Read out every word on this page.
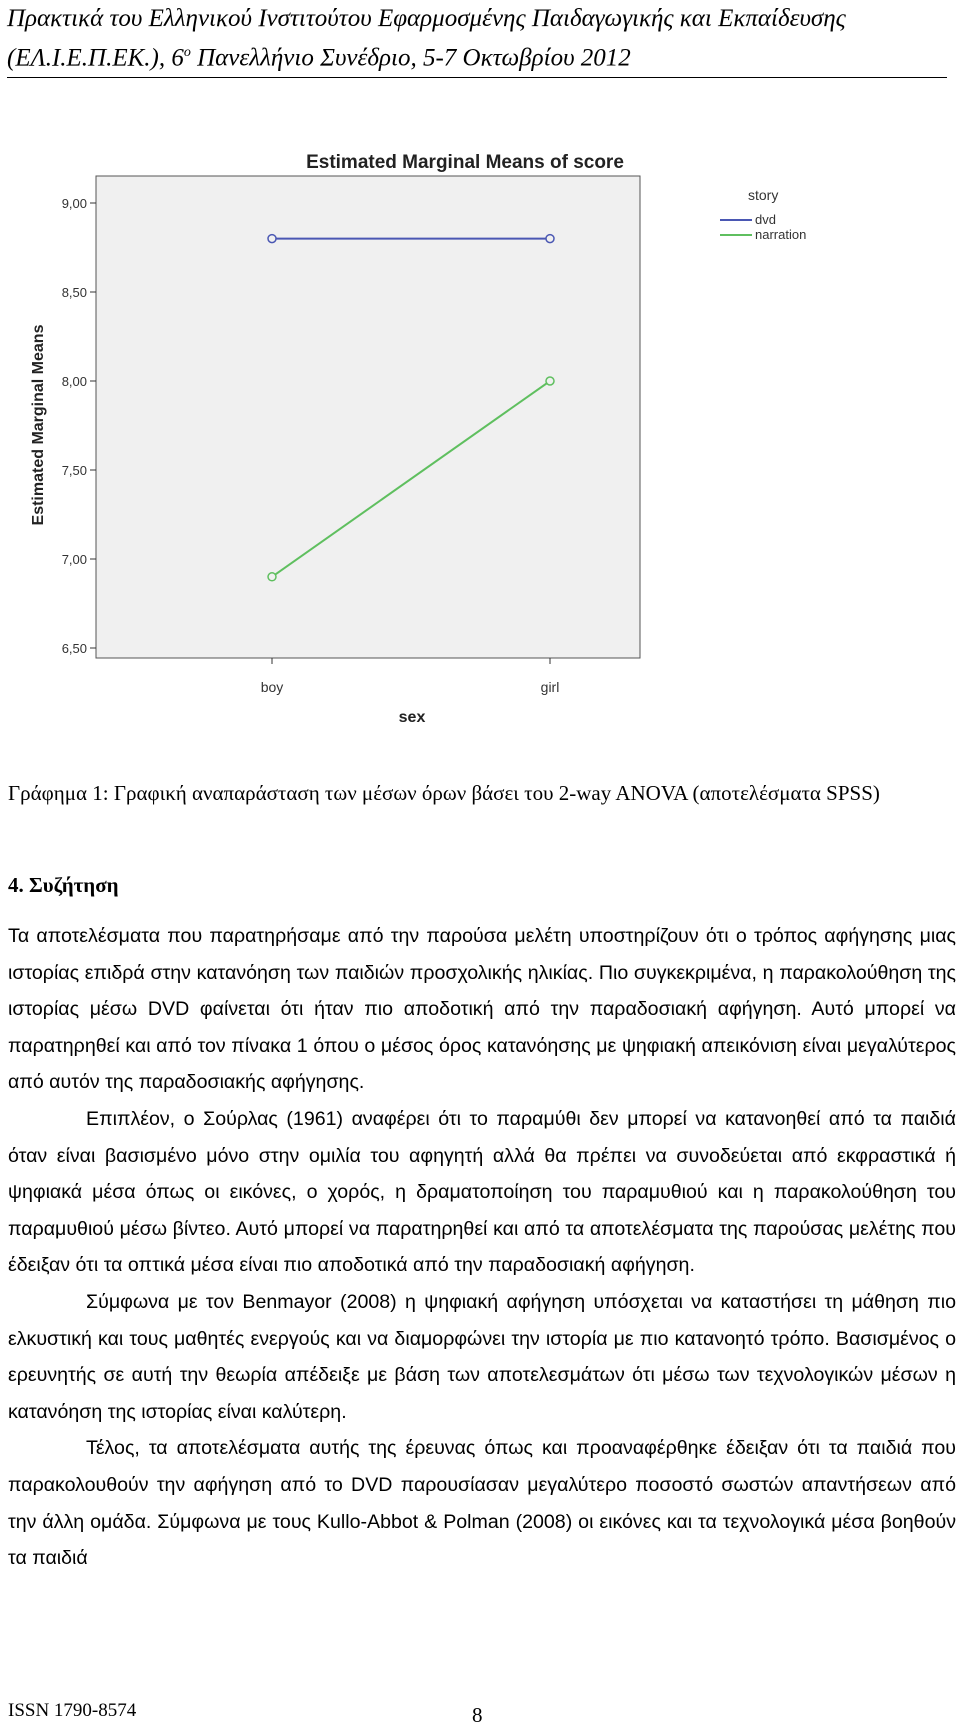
Πρακτικά του Ελληνικού Ινστιτούτου Εφαρμοσμένης Παιδαγωγικής και Εκπαίδευσης
(ΕΛ.Ι.Ε.Π.ΕΚ.), $6^o$ Πανελλήνιο Συνέδριο, 5-7 Οκτωβρίου 2012
Estimated Marginal Means of score
6,50
7,00
7,50
8,00
8,50
9,00
boy	girl
sex
Estimated Marginal Means
story
dvd
narration
Γράφημα 1: Γραφική αναπαράσταση των μέσων όρων βάσει του 2-way ANOVA (αποτελέσματα SPSS)
4. Συζήτηση

Τα αποτελέσματα που παρατηρήσαμε από την παρούσα μελέτη υποστηρίζουν ότι ο τρόπος αφήγησης μιας ιστορίας επιδρά στην κατανόηση των παιδιών προσχολικής ηλικίας. Πιο συγκεκριμένα, η παρακολούθηση της ιστορίας μέσω DVD φαίνεται ότι ήταν πιο αποδοτική από την παραδοσιακή αφήγηση. Αυτό μπορεί να παρατηρηθεί και από τον πίνακα 1 όπου ο μέσος όρος κατανόησης με ψηφιακή απεικόνιση είναι μεγαλύτερος από αυτόν της παραδοσιακής αφήγησης.

Επιπλέον, ο Σούρλας (1961) αναφέρει ότι το παραμύθι δεν μπορεί να κατανοηθεί από τα παιδιά όταν είναι βασισμένο μόνο στην ομιλία του αφηγητή αλλά θα πρέπει να συνοδεύεται από εκφραστικά ή ψηφιακά μέσα όπως οι εικόνες, ο χορός, η δραματοποίηση του παραμυθιού και η παρακολούθηση του παραμυθιού μέσω βίντεο. Αυτό μπορεί να παρατηρηθεί και από τα αποτελέσματα της παρούσας μελέτης που έδειξαν ότι τα οπτικά μέσα είναι πιο αποδοτικά από την παραδοσιακή αφήγηση.

Σύμφωνα με τον Benmayor (2008) η ψηφιακή αφήγηση υπόσχεται να καταστήσει τη μάθηση πιο ελκυστική και τους μαθητές ενεργούς και να διαμορφώνει την ιστορία με πιο κατανοητό τρόπο. Βασισμένος ο ερευνητής σε αυτή την θεωρία απέδειξε με βάση των αποτελεσμάτων ότι μέσω των τεχνολογικών μέσων η κατανόηση της ιστορίας είναι καλύτερη.

Τέλος, τα αποτελέσματα αυτής της έρευνας όπως και προαναφέρθηκε έδειξαν ότι τα παιδιά που παρακολουθούν την αφήγηση από το DVD παρουσίασαν μεγαλύτερο ποσοστό σωστών απαντήσεων από την άλλη ομάδα. Σύμφωνα με τους Kullo-Abbot & Polman (2008) οι εικόνες και τα τεχνολογικά μέσα βοηθούν τα παιδιά

ISSN 1790-8574	8
